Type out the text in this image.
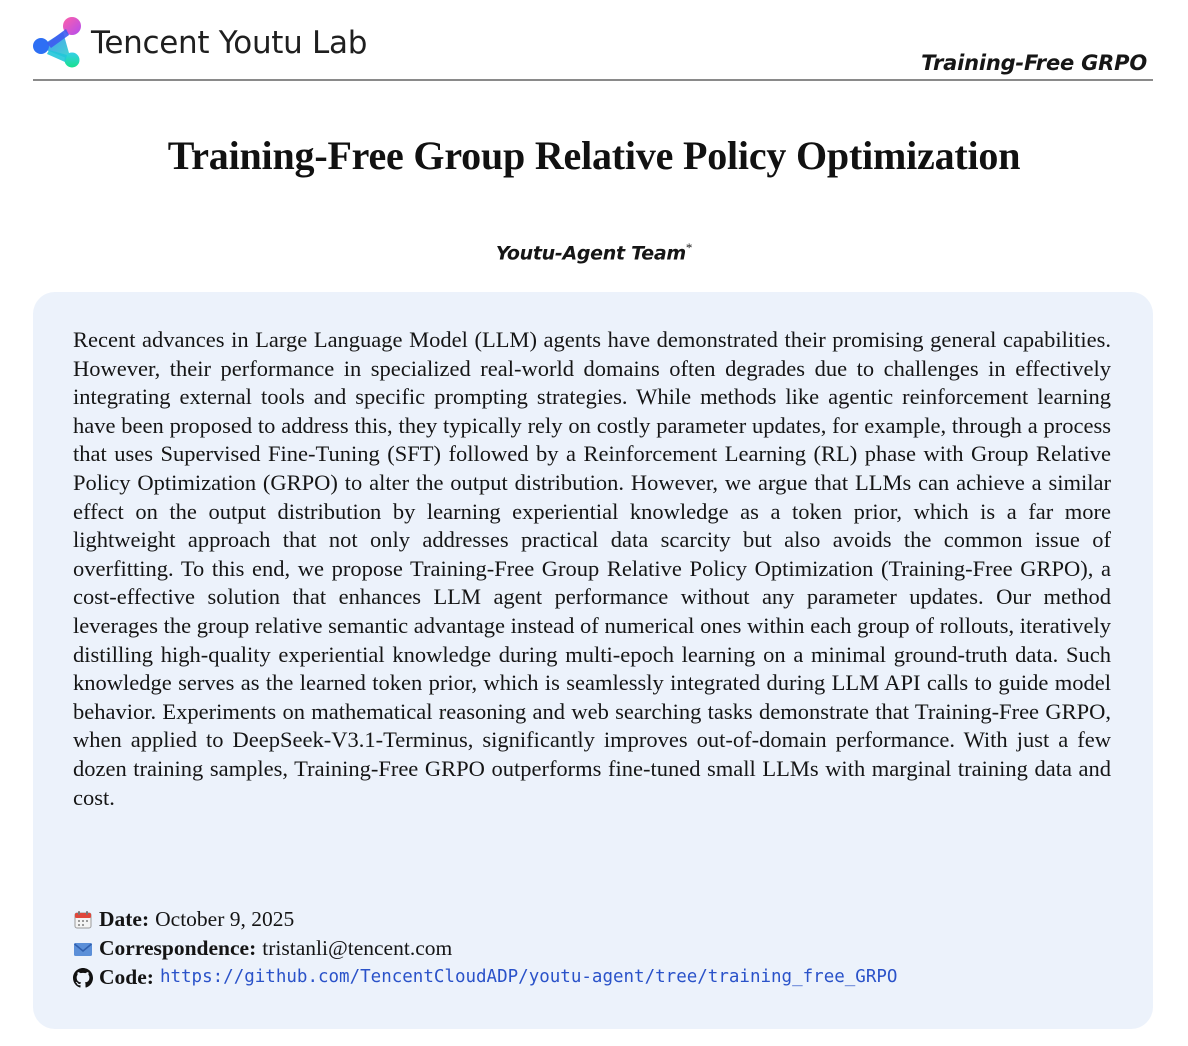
Tencent Youtu Lab
Training-Free GRPO
Training-Free Group Relative Policy Optimization
Youtu-Agent Team*

Recent advances in Large Language Model (LLM) agents have demonstrated their promising general capabilities. However, their performance in specialized real-world domains often degrades due to challenges in effectively integrating external tools and specific prompting strategies. While methods like agentic reinforcement learning have been proposed to address this, they typically rely on costly parameter updates, for example, through a process that uses Supervised Fine-Tuning (SFT) followed by a Reinforcement Learning (RL) phase with Group Relative Policy Optimization (GRPO) to alter the output distribution. However, we argue that LLMs can achieve a similar effect on the output distribution by learning experiential knowledge as a token prior, which is a far more lightweight approach that not only addresses practical data scarcity but also avoids the common issue of overfitting. To this end, we propose Training-Free Group Relative Policy Optimization (Training-Free GRPO), a cost-effective solution that enhances LLM agent performance without any parameter updates. Our method leverages the group relative semantic advantage instead of numerical ones within each group of rollouts, iteratively distilling high-quality experiential knowledge during multi-epoch learning on a minimal ground-truth data. Such knowledge serves as the learned token prior, which is seamlessly integrated during LLM API calls to guide model behavior. Experiments on mathematical reasoning and web searching tasks demonstrate that Training-Free GRPO, when applied to DeepSeek-V3.1-Terminus, significantly improves out-of-domain performance. With just a few dozen training samples, Training-Free GRPO outperforms fine-tuned small LLMs with marginal training data and cost.

Date: October 9, 2025
Correspondence: tristanli@tencent.com
Code: https://github.com/TencentCloudADP/youtu-agent/tree/training_free_GRPO
